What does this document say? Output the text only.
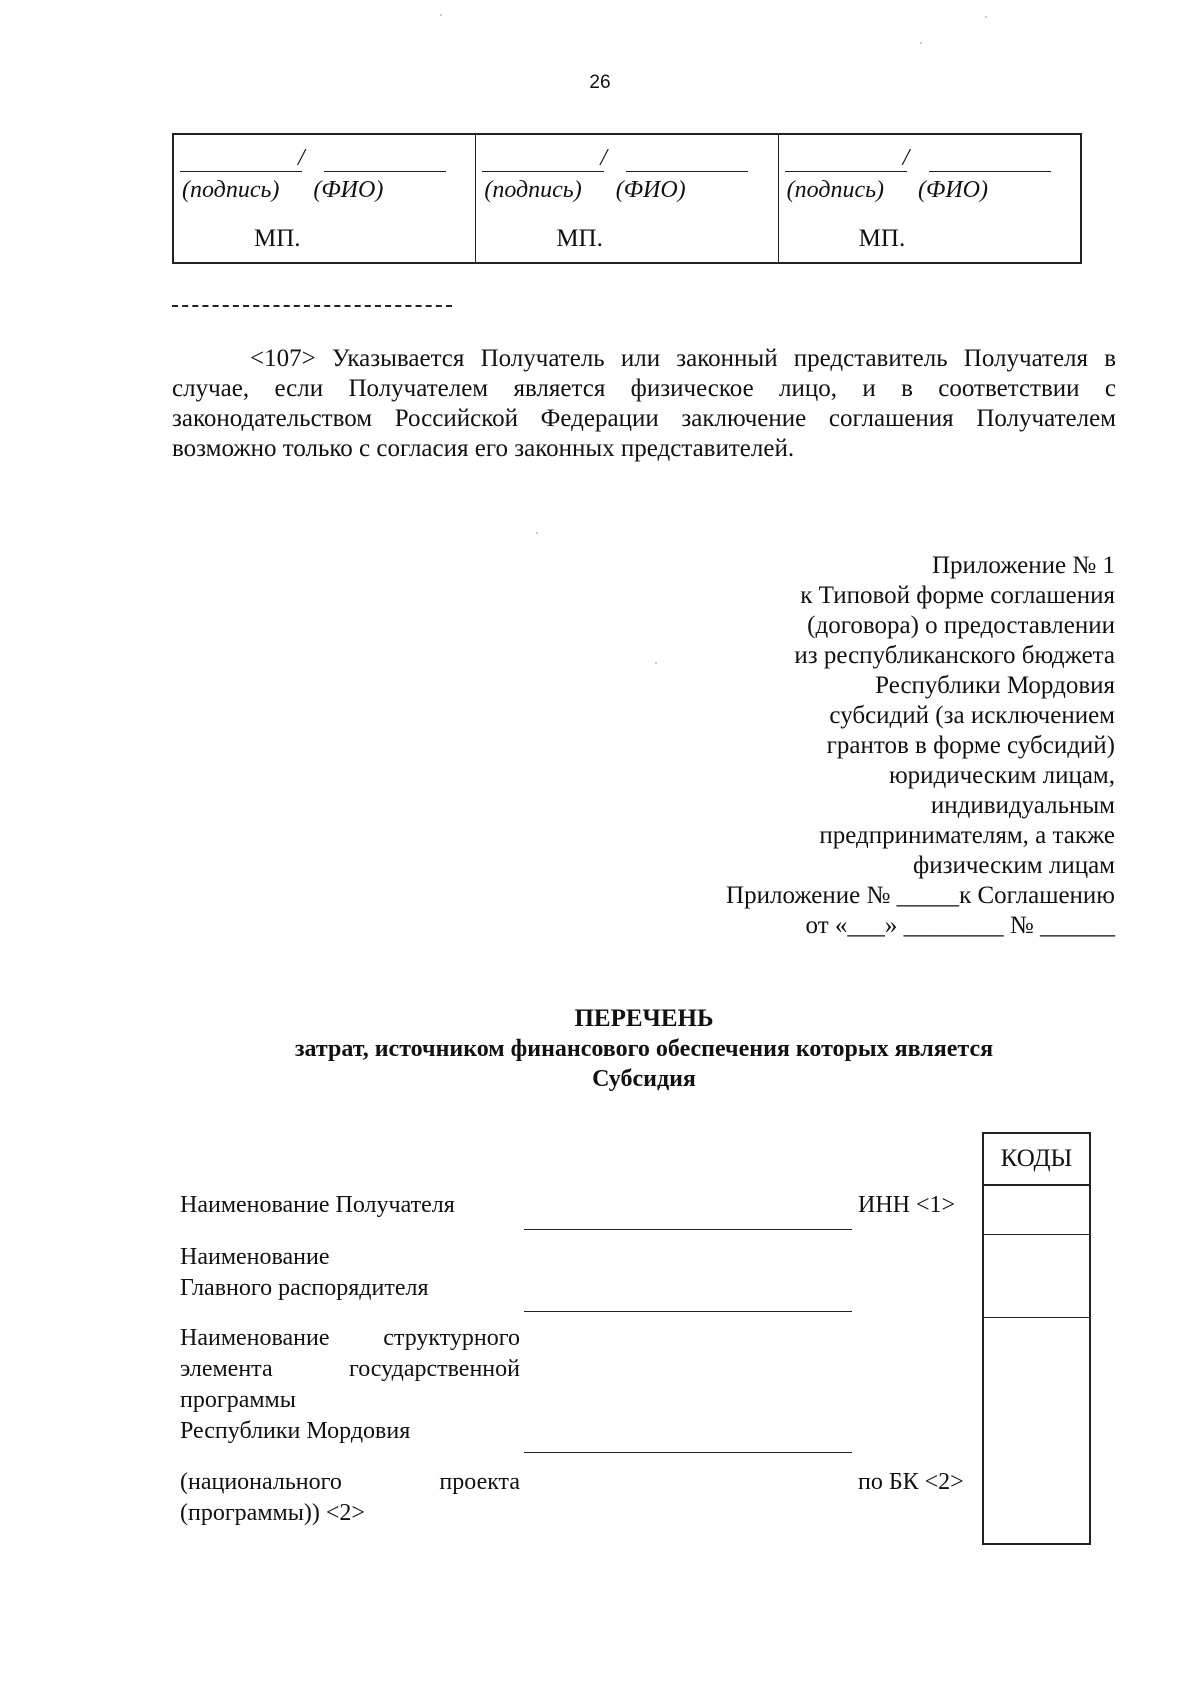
26
/
(подпись) (ФИО)
МП.
/
(подпись) (ФИО)
МП.
/
(подпись) (ФИО)
МП.
<107> Указывается Получатель или законный представитель Получателя в случае, если Получателем является физическое лицо, и в соответствии с законодательством Российской Федерации заключение соглашения Получателем возможно только с согласия его законных представителей.
Приложение № 1
к Типовой форме соглашения
(договора) о предоставлении
из республиканского бюджета
Республики Мордовия
субсидий (за исключением
грантов в форме субсидий)
юридическим лицам,
индивидуальным
предпринимателям, а также
физическим лицам
Приложение № _____к Соглашению
от «___» ________ № ______
ПЕРЕЧЕНЬ
затрат, источником финансового обеспечения которых является
Субсидия
КОДЫ
Наименование Получателя	ИНН <1>
Наименование
Главного распорядителя
Наименование структурного
элемента государственной
программы
Республики Мордовия
(национального проекта
(программы)) <2>
по БК <2>
